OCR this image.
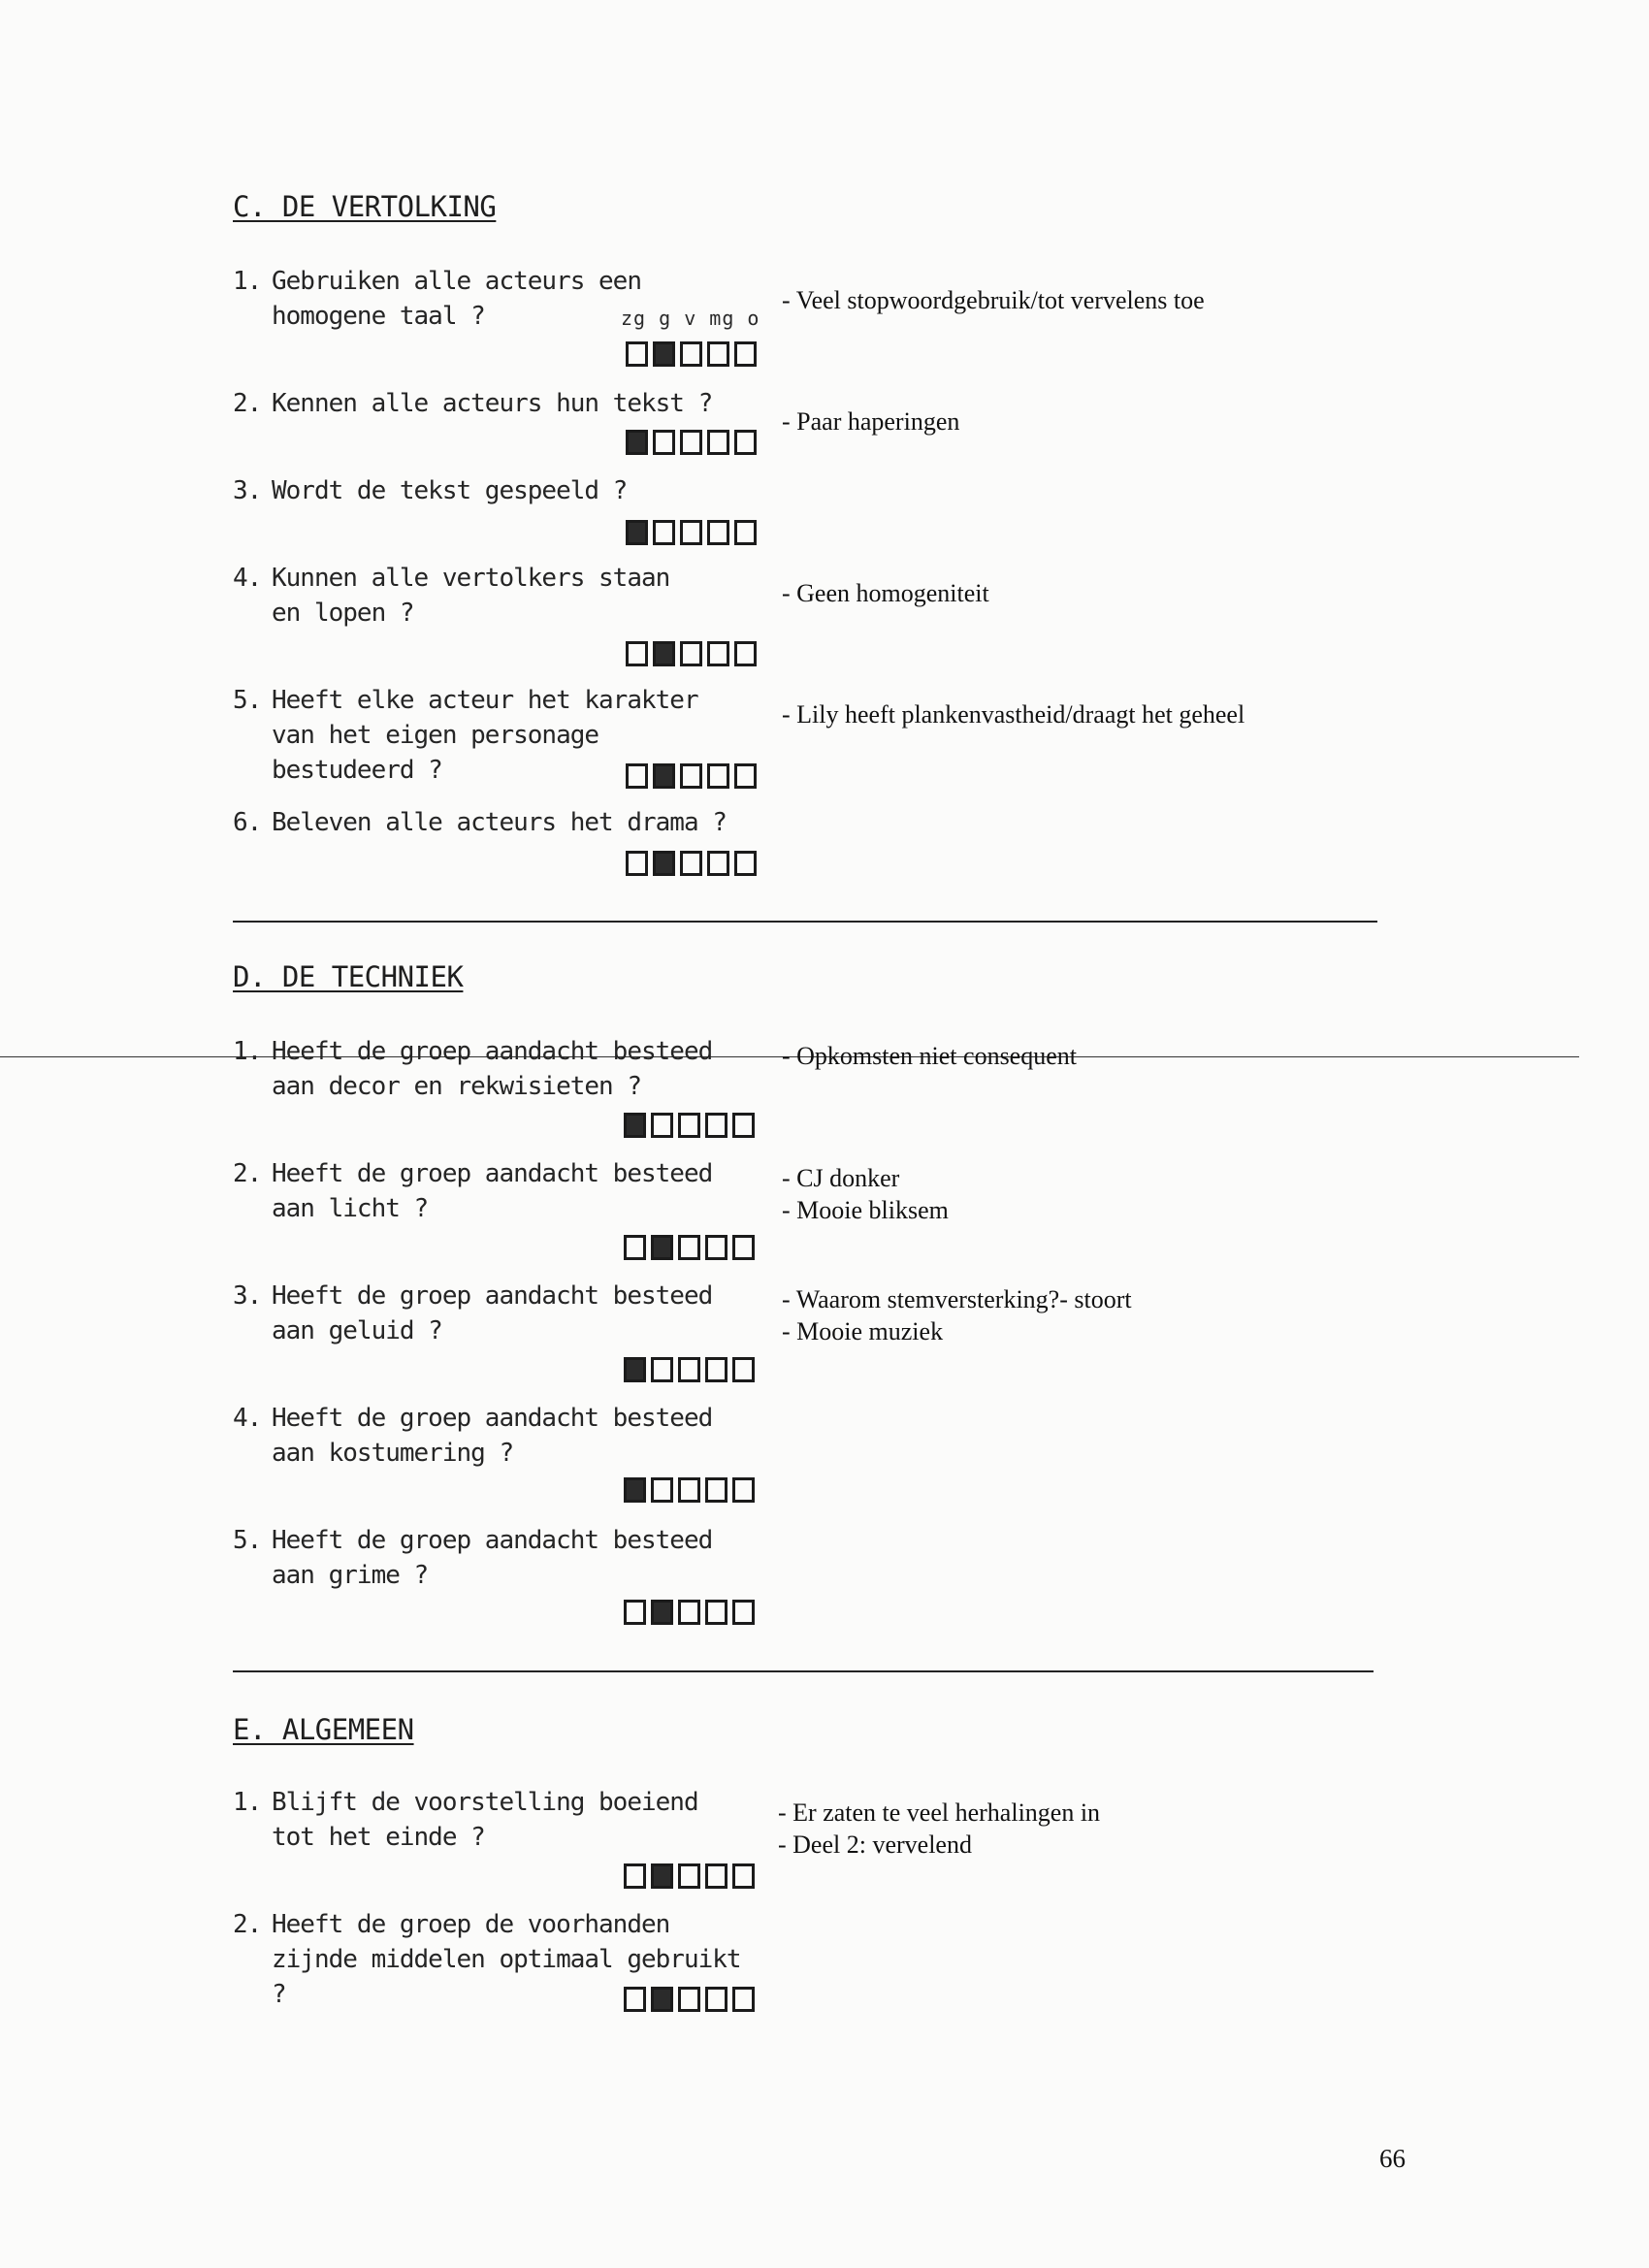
C. DE VERTOLKING
1. Gebruiken alle acteurs een homogene taal ?	zg g v mg o
- Veel stopwoordgebruik/tot vervelens toe
2. Kennen alle acteurs hun tekst ?
- Paar haperingen
3. Wordt de tekst gespeeld ?
4. Kunnen alle vertolkers staan en lopen ?
- Geen homogeniteit
5. Heeft elke acteur het karakter van het eigen personage bestudeerd ?
- Lily heeft plankenvastheid/draagt het geheel
6. Beleven alle acteurs het drama ?
D. DE TECHNIEK
1. Heeft de groep aandacht besteed aan decor en rekwisieten ?
- Opkomsten niet consequent
2. Heeft de groep aandacht besteed aan licht ?
- CJ donker
- Mooie bliksem
3. Heeft de groep aandacht besteed aan geluid ?
- Waarom stemversterking?- stoort
- Mooie muziek
4. Heeft de groep aandacht besteed aan kostumering ?
5. Heeft de groep aandacht besteed aan grime ?
E. ALGEMEEN
1. Blijft de voorstelling boeiend tot het einde ?
- Er zaten te veel herhalingen in
- Deel 2: vervelend
2. Heeft de groep de voorhanden zijnde middelen optimaal gebruikt ?
66
